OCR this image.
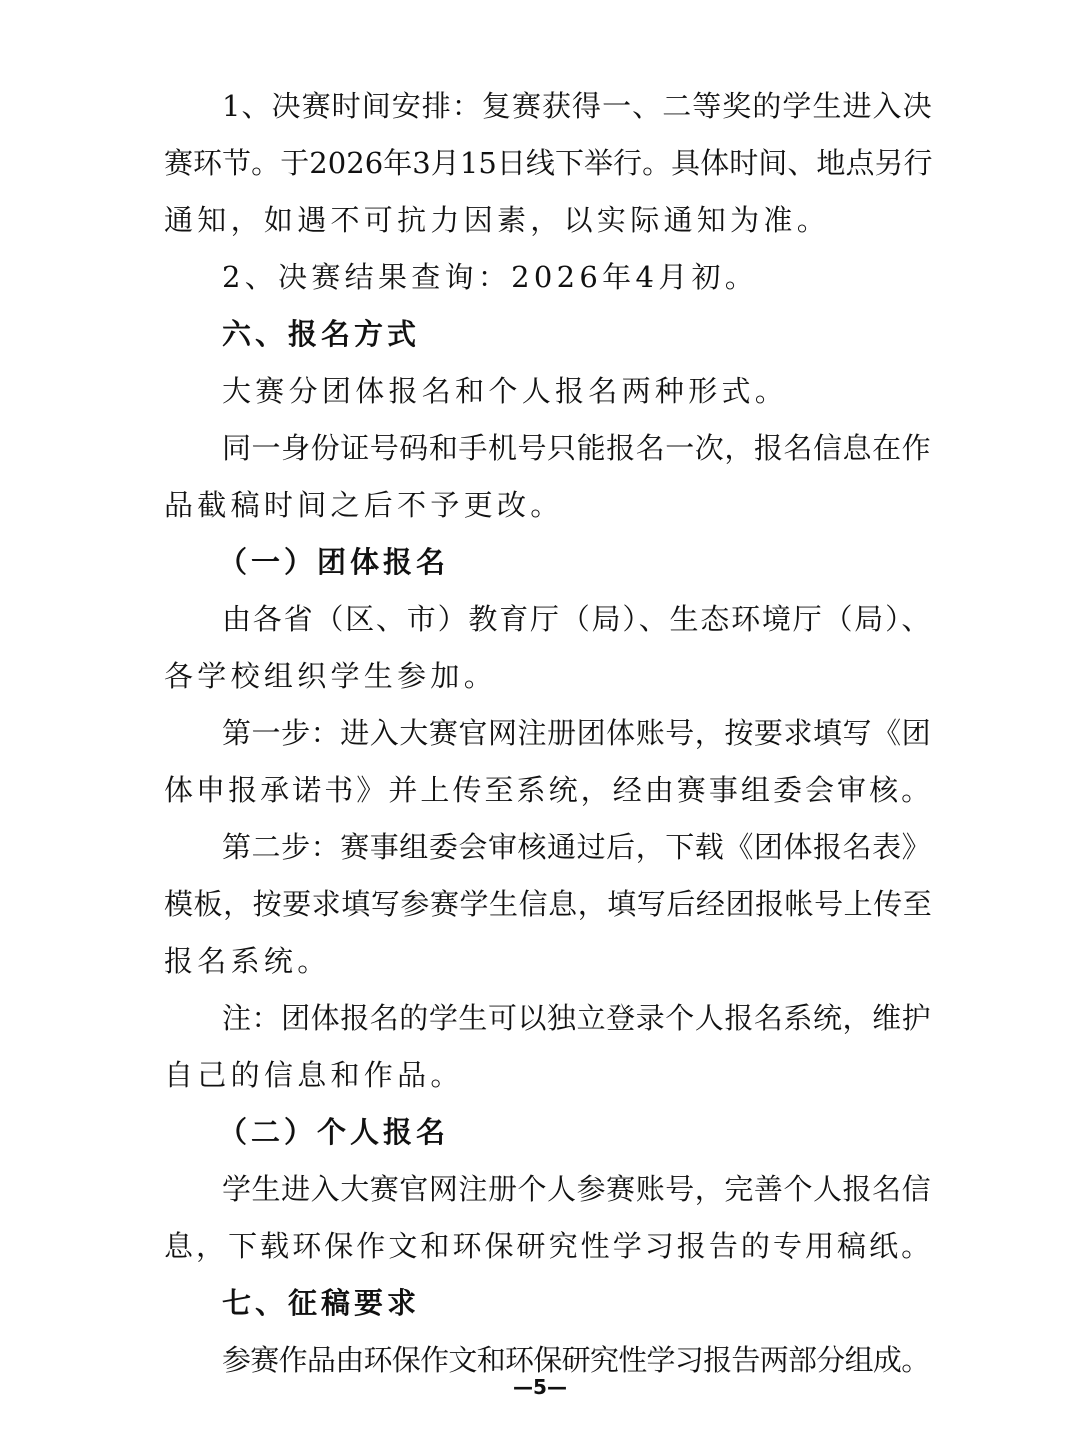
1、决赛时间安排：复赛获得一、二等奖的学生进入决
赛环节。于2026年3月15日线下举行。具体时间、地点另行
通知，如遇不可抗力因素，以实际通知为准。
2、决赛结果查询：2026年4月初。
六、报名方式
大赛分团体报名和个人报名两种形式。
同一身份证号码和手机号只能报名一次，报名信息在作
品截稿时间之后不予更改。
（一）团体报名
由各省（区、市）教育厅（局）、生态环境厅（局）、
各学校组织学生参加。
第一步：进入大赛官网注册团体账号，按要求填写《团
体申报承诺书》并上传至系统，经由赛事组委会审核。
第二步：赛事组委会审核通过后，下载《团体报名表》
模板，按要求填写参赛学生信息，填写后经团报帐号上传至
报名系统。
注：团体报名的学生可以独立登录个人报名系统，维护
自己的信息和作品。
（二）个人报名
学生进入大赛官网注册个人参赛账号，完善个人报名信
息，下载环保作文和环保研究性学习报告的专用稿纸。
七、征稿要求
参赛作品由环保作文和环保研究性学习报告两部分组成。
—5—
